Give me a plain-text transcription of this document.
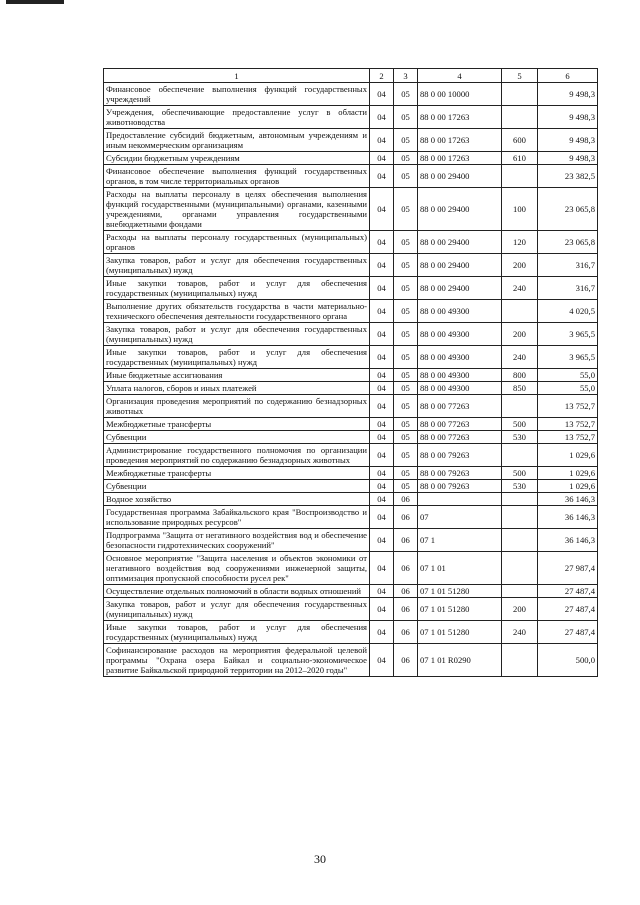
1	2	3	4	5	6
Финансовое обеспечение выполнения функций государственных учреждений	04	05	88 0 00 10000		9 498,3
Учреждения, обеспечивающие предоставление услуг в области животноводства	04	05	88 0 00 17263		9 498,3
Предоставление субсидий бюджетным, автономным учреждениям и иным некоммерческим организациям	04	05	88 0 00 17263	600	9 498,3
Субсидии бюджетным учреждениям	04	05	88 0 00 17263	610	9 498,3
Финансовое обеспечение выполнения функций государственных органов, в том числе территориальных органов	04	05	88 0 00 29400		23 382,5
Расходы на выплаты персоналу в целях обеспечения выполнения функций государственными (муниципальными) органами, казенными учреждениями, органами управления государственными внебюджетными фондами	04	05	88 0 00 29400	100	23 065,8
Расходы на выплаты персоналу государственных (муниципальных) органов	04	05	88 0 00 29400	120	23 065,8
Закупка товаров, работ и услуг для обеспечения государственных (муниципальных) нужд	04	05	88 0 00 29400	200	316,7
Иные закупки товаров, работ и услуг для обеспечения государственных (муниципальных) нужд	04	05	88 0 00 29400	240	316,7
Выполнение других обязательств государства в части материально-технического обеспечения деятельности государственного органа	04	05	88 0 00 49300		4 020,5
Закупка товаров, работ и услуг для обеспечения государственных (муниципальных) нужд	04	05	88 0 00 49300	200	3 965,5
Иные закупки товаров, работ и услуг для обеспечения государственных (муниципальных) нужд	04	05	88 0 00 49300	240	3 965,5
Иные бюджетные ассигнования	04	05	88 0 00 49300	800	55,0
Уплата налогов, сборов и иных платежей	04	05	88 0 00 49300	850	55,0
Организация проведения мероприятий по содержанию безнадзорных животных	04	05	88 0 00 77263		13 752,7
Межбюджетные трансферты	04	05	88 0 00 77263	500	13 752,7
Субвенции	04	05	88 0 00 77263	530	13 752,7
Администрирование государственного полномочия по организации проведения мероприятий по содержанию безнадзорных животных	04	05	88 0 00 79263		1 029,6
Межбюджетные трансферты	04	05	88 0 00 79263	500	1 029,6
Субвенции	04	05	88 0 00 79263	530	1 029,6
Водное хозяйство	04	06			36 146,3
Государственная программа Забайкальского края "Воспроизводство и использование природных ресурсов"	04	06	07		36 146,3
Подпрограмма "Защита от негативного воздействия вод и обеспечение безопасности гидротехнических сооружений"	04	06	07 1		36 146,3
Основное мероприятие "Защита населения и объектов экономики от негативного воздействия вод сооружениями инженерной защиты, оптимизация пропускной способности русел рек"	04	06	07 1 01		27 987,4
Осуществление отдельных полномочий в области водных отношений	04	06	07 1 01 51280		27 487,4
Закупка товаров, работ и услуг для обеспечения государственных (муниципальных) нужд	04	06	07 1 01 51280	200	27 487,4
Иные закупки товаров, работ и услуг для обеспечения государственных (муниципальных) нужд	04	06	07 1 01 51280	240	27 487,4
Софинансирование расходов на мероприятия федеральной целевой программы "Охрана озера Байкал и социально-экономическое развитие Байкальской природной территории на 2012–2020 годы"	04	06	07 1 01 R0290		500,0
30
